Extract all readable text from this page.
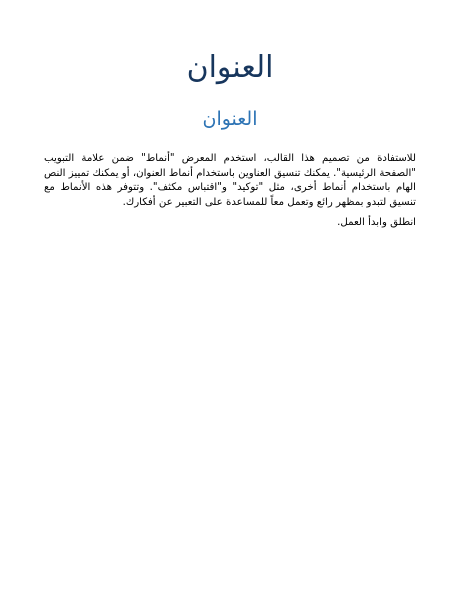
العنوان
العنوان

للاستفادة من تصميم هذا القالب، استخدم المعرض "أنماط" ضمن علامة التبويب "الصفحة الرئيسية". يمكنك تنسيق العناوين باستخدام أنماط العنوان، أو يمكنك تمييز النص الهام باستخدام أنماط أخرى، مثل "توكيد" و"اقتباس مكثف". وتتوفر هذه الأنماط مع تنسيق لتبدو بمظهر رائع وتعمل معاً للمساعدة على التعبير عن أفكارك.

انطلق وابدأ العمل.
